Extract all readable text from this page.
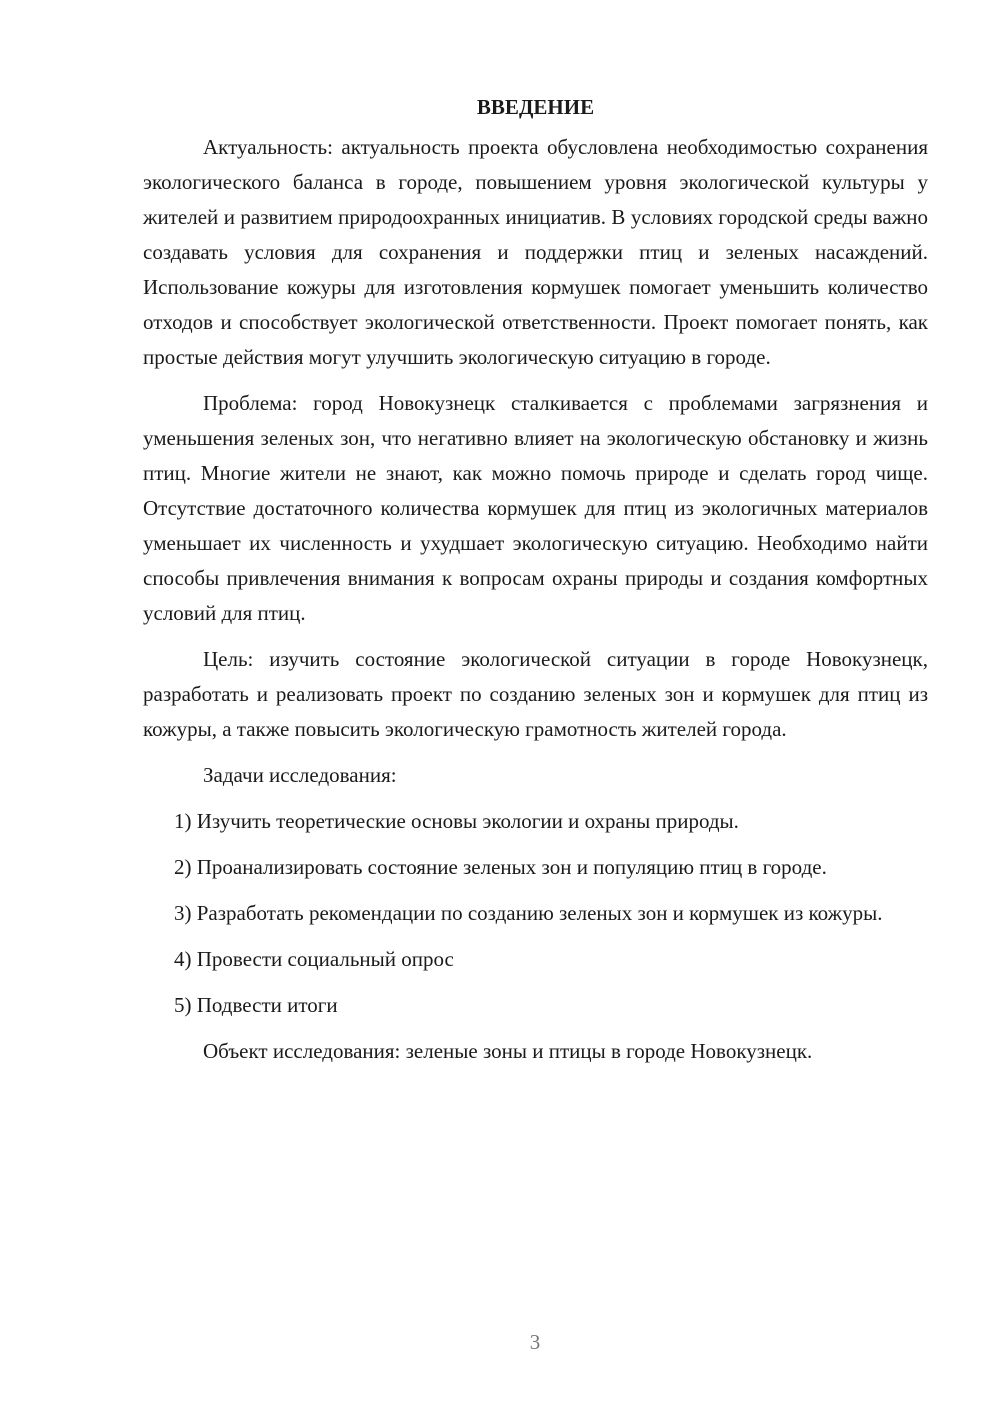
ВВЕДЕНИЕ

Актуальность: актуальность проекта обусловлена необходимостью сохранения экологического баланса в городе, повышением уровня экологической культуры у жителей и развитием природоохранных инициатив. В условиях городской среды важно создавать условия для сохранения и поддержки птиц и зеленых насаждений. Использование кожуры для изготовления кормушек помогает уменьшить количество отходов и способствует экологической ответственности. Проект помогает понять, как простые действия могут улучшить экологическую ситуацию в городе.

Проблема: город Новокузнецк сталкивается с проблемами загрязнения и уменьшения зеленых зон, что негативно влияет на экологическую обстановку и жизнь птиц. Многие жители не знают, как можно помочь природе и сделать город чище. Отсутствие достаточного количества кормушек для птиц из экологичных материалов уменьшает их численность и ухудшает экологическую ситуацию. Необходимо найти способы привлечения внимания к вопросам охраны природы и создания комфортных условий для птиц.

Цель: изучить состояние экологической ситуации в городе Новокузнецк, разработать и реализовать проект по созданию зеленых зон и кормушек для птиц из кожуры, а также повысить экологическую грамотность жителей города.

Задачи исследования:

1) Изучить теоретические основы экологии и охраны природы.

2) Проанализировать состояние зеленых зон и популяцию птиц в городе.

3) Разработать рекомендации по созданию зеленых зон и кормушек из кожуры.

4) Провести социальный опрос

5) Подвести итоги

Объект исследования: зеленые зоны и птицы в городе Новокузнецк.

3
